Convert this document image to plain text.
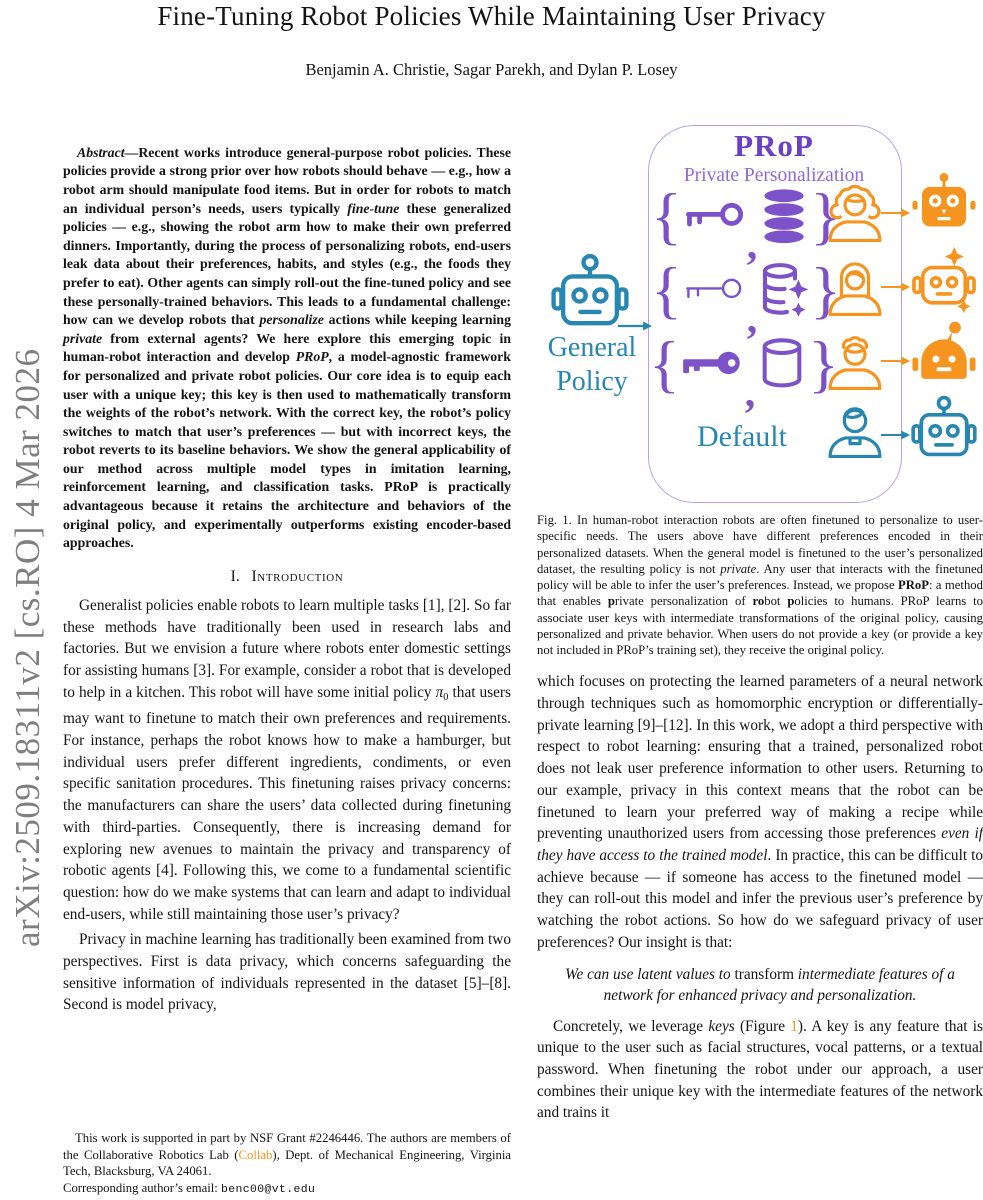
Fine-Tuning Robot Policies While Maintaining User Privacy
Benjamin A. Christie, Sagar Parekh, and Dylan P. Losey
arXiv:2509.18311v2 [cs.RO] 4 Mar 2026

Abstract—Recent works introduce general-purpose robot policies. These policies provide a strong prior over how robots should behave — e.g., how a robot arm should manipulate food items. But in order for robots to match an individual person’s needs, users typically fine-tune these generalized policies — e.g., showing the robot arm how to make their own preferred dinners. Importantly, during the process of personalizing robots, end-users leak data about their preferences, habits, and styles (e.g., the foods they prefer to eat). Other agents can simply roll-out the fine-tuned policy and see these personally-trained behaviors. This leads to a fundamental challenge: how can we develop robots that personalize actions while keeping learning private from external agents? We here explore this emerging topic in human-robot interaction and develop PRoP, a model-agnostic framework for personalized and private robot policies. Our core idea is to equip each user with a unique key; this key is then used to mathematically transform the weights of the robot’s network. With the correct key, the robot’s policy switches to match that user’s preferences — but with incorrect keys, the robot reverts to its baseline behaviors. We show the general applicability of our method across multiple model types in imitation learning, reinforcement learning, and classification tasks. PRoP is practically advantageous because it retains the architecture and behaviors of the original policy, and experimentally outperforms existing encoder-based approaches.

I. Introduction

Generalist policies enable robots to learn multiple tasks [1], [2]. So far these methods have traditionally been used in research labs and factories. But we envision a future where robots enter domestic settings for assisting humans [3]. For example, consider a robot that is developed to help in a kitchen. This robot will have some initial policy π0 that users may want to finetune to match their own preferences and requirements. For instance, perhaps the robot knows how to make a hamburger, but individual users prefer different ingredients, condiments, or even specific sanitation procedures. This finetuning raises privacy concerns: the manufacturers can share the users’ data collected during finetuning with third-parties. Consequently, there is increasing demand for exploring new avenues to maintain the privacy and transparency of robotic agents [4]. Following this, we come to a fundamental scientific question: how do we make systems that can learn and adapt to individual end-users, while still maintaining those user’s privacy?

Privacy in machine learning has traditionally been examined from two perspectives. First is data privacy, which concerns safeguarding the sensitive information of individuals represented in the dataset [5]–[8]. Second is model privacy,

This work is supported in part by NSF Grant #2246446. The authors are members of the Collaborative Robotics Lab (Collab), Dept. of Mechanical Engineering, Virginia Tech, Blacksburg, VA 24061.
Corresponding author’s email: benc00@vt.edu
PRoP
Private Personalization
General Policy
{ , }
{ , }
{ , }
Default

Fig. 1. In human-robot interaction robots are often finetuned to personalize to user-specific needs. The users above have different preferences encoded in their personalized datasets. When the general model is finetuned to the user’s personalized dataset, the resulting policy is not private. Any user that interacts with the finetuned policy will be able to infer the user’s preferences. Instead, we propose PRoP: a method that enables private personalization of robot policies to humans. PRoP learns to associate user keys with intermediate transformations of the original policy, causing personalized and private behavior. When users do not provide a key (or provide a key not included in PRoP’s training set), they receive the original policy.

which focuses on protecting the learned parameters of a neural network through techniques such as homomorphic encryption or differentially-private learning [9]–[12]. In this work, we adopt a third perspective with respect to robot learning: ensuring that a trained, personalized robot does not leak user preference information to other users. Returning to our example, privacy in this context means that the robot can be finetuned to learn your preferred way of making a recipe while preventing unauthorized users from accessing those preferences even if they have access to the trained model. In practice, this can be difficult to achieve because — if someone has access to the finetuned model — they can roll-out this model and infer the previous user’s preference by watching the robot actions. So how do we safeguard privacy of user preferences? Our insight is that:

We can use latent values to transform intermediate features of a network for enhanced privacy and personalization.

Concretely, we leverage keys (Figure 1). A key is any feature that is unique to the user such as facial structures, vocal patterns, or a textual password. When finetuning the robot under our approach, a user combines their unique key with the intermediate features of the network and trains it
